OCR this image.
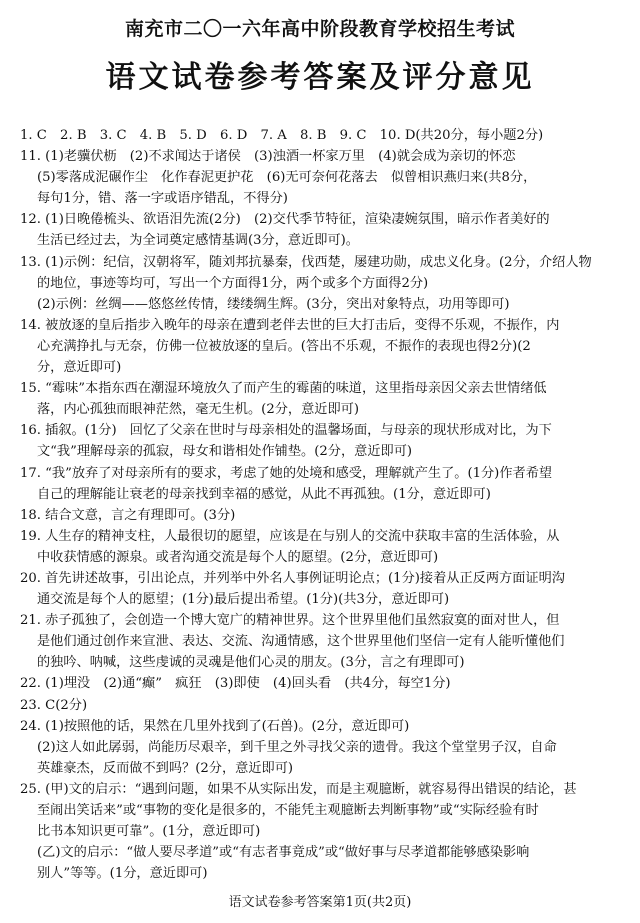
南充市二〇一六年高中阶段教育学校招生考试
语文试卷参考答案及评分意见
1. C　2. B　3. C　4. B　5. D　6. D　7. A　8. B　9. C　10. D(共20分，每小题2分)
11. (1)老骥伏枥　(2)不求闻达于诸侯　(3)浊酒一杯家万里　(4)就会成为亲切的怀恋
(5)零落成泥碾作尘　化作春泥更护花　(6)无可奈何花落去　似曾相识燕归来(共8分，
每句1分，错、落一字或语序错乱，不得分)
12. (1)日晚倦梳头、欲语泪先流(2分)　(2)交代季节特征，渲染凄婉氛围，暗示作者美好的
生活已经过去，为全词奠定感情基调(3分，意近即可)。
13. (1)示例：纪信，汉朝将军，随刘邦抗暴秦，伐西楚，屡建功勋，成忠义化身。(2分，介绍人物
的地位，事迹等均可，写出一个方面得1分，两个或多个方面得2分)
(2)示例：丝绸——悠悠丝传情，缕缕绸生辉。(3分，突出对象特点，功用等即可)
14. 被放逐的皇后指步入晚年的母亲在遭到老伴去世的巨大打击后，变得不乐观，不振作，内
心充满挣扎与无奈，仿佛一位被放逐的皇后。(答出不乐观，不振作的表现也得2分)(2
分，意近即可)
15. “霉味”本指东西在潮湿环境放久了而产生的霉菌的味道，这里指母亲因父亲去世情绪低
落，内心孤独而眼神茫然，毫无生机。(2分，意近即可)
16. 插叙。(1分)　回忆了父亲在世时与母亲相处的温馨场面，与母亲的现状形成对比，为下
文“我”理解母亲的孤寂，母女和谐相处作铺垫。(2分，意近即可)
17. “我”放弃了对母亲所有的要求，考虑了她的处境和感受，理解就产生了。(1分)作者希望
自己的理解能让衰老的母亲找到幸福的感觉，从此不再孤独。(1分，意近即可)
18. 结合文意，言之有理即可。(3分)
19. 人生存的精神支柱，人最很切的愿望，应该是在与别人的交流中获取丰富的生活体验，从
中收获情感的源泉。或者沟通交流是每个人的愿望。(2分，意近即可)
20. 首先讲述故事，引出论点，并列举中外名人事例证明论点；(1分)接着从正反两方面证明沟
通交流是每个人的愿望；(1分)最后提出希望。(1分)(共3分，意近即可)
21. 赤子孤独了，会创造一个博大宽广的精神世界。这个世界里他们虽然寂寞的面对世人，但
是他们通过创作来宣泄、表达、交流、沟通情感，这个世界里他们坚信一定有人能听懂他们
的独吟、呐喊，这些虔诚的灵魂是他们心灵的朋友。(3分，言之有理即可)
22. (1)埋没　(2)通“癫”　疯狂　(3)即使　(4)回头看　(共4分，每空1分)
23. C(2分)
24. (1)按照他的话，果然在几里外找到了(石兽)。(2分，意近即可)
(2)这人如此孱弱，尚能历尽艰辛，到千里之外寻找父亲的遗骨。我这个堂堂男子汉，自命
英雄豪杰，反而做不到吗？(2分，意近即可)
25. (甲)文的启示：“遇到问题，如果不从实际出发，而是主观臆断，就容易得出错误的结论，甚
至闹出笑话来”或“事物的变化是很多的，不能凭主观臆断去判断事物”或“实际经验有时
比书本知识更可靠”。(1分，意近即可)
(乙)文的启示：“做人要尽孝道”或“有志者事竟成”或“做好事与尽孝道都能够感染影响
别人”等等。(1分，意近即可)
语文试卷参考答案第1页(共2页)
